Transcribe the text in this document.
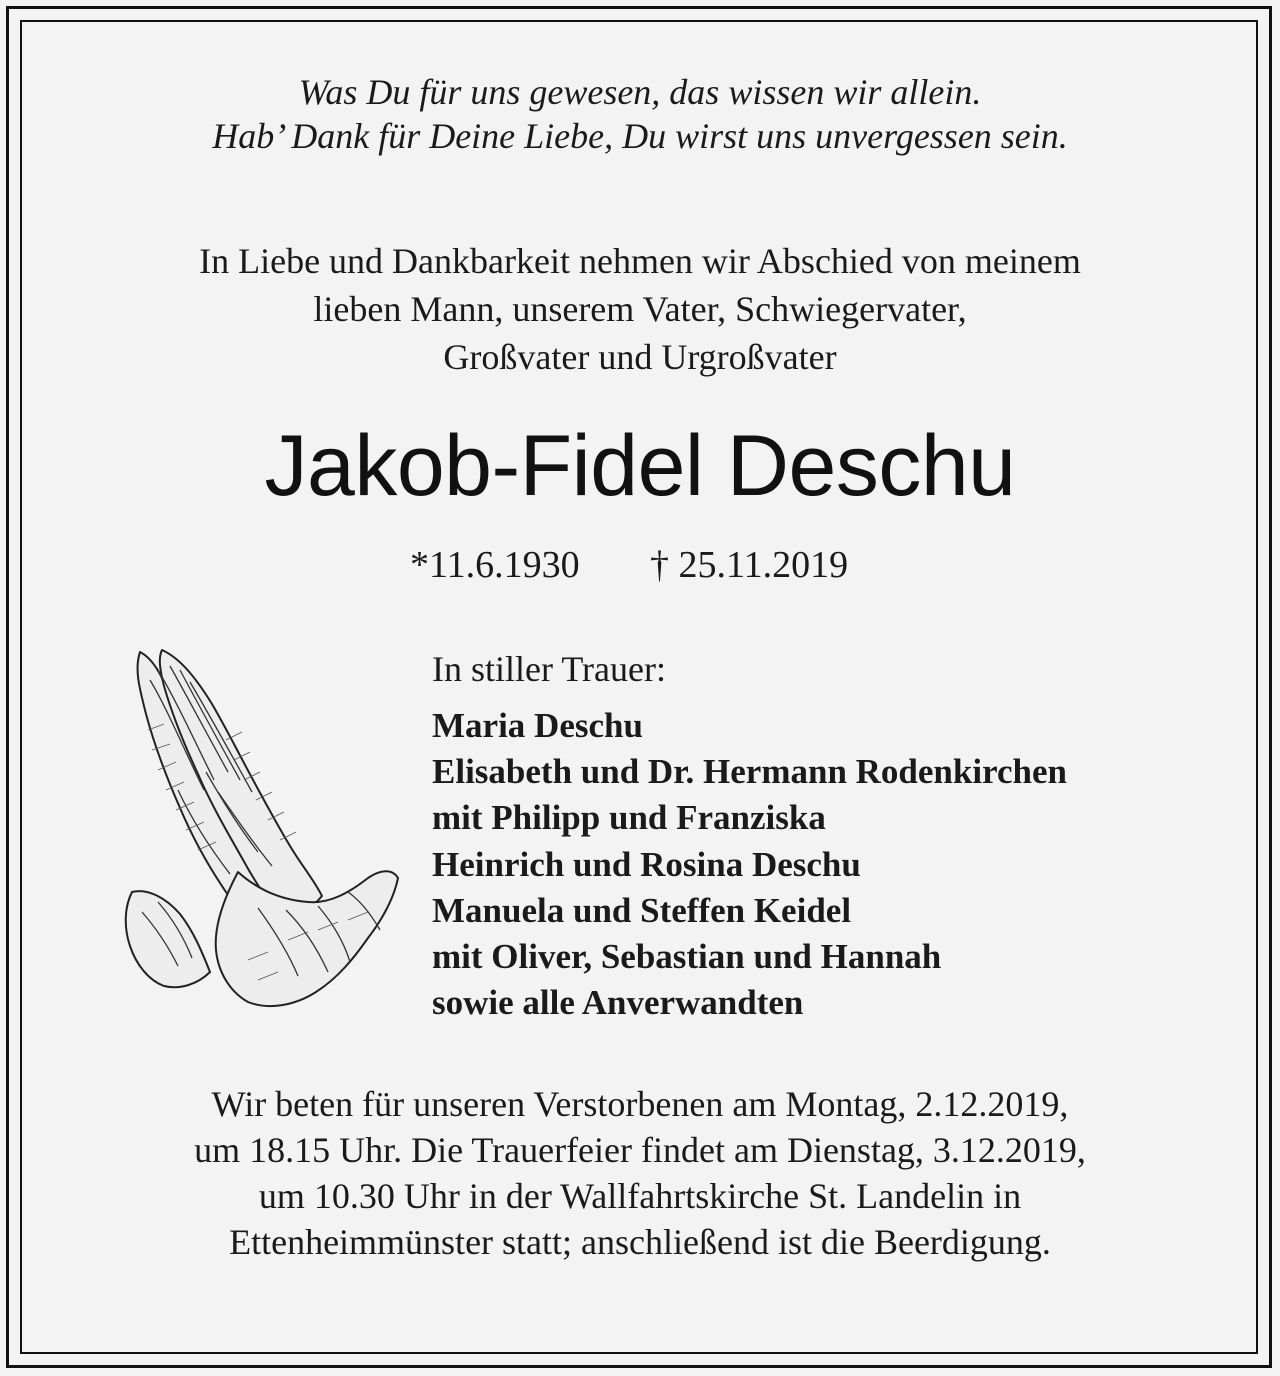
Was Du für uns gewesen, das wissen wir allein.
Hab’ Dank für Deine Liebe, Du wirst uns unvergessen sein.
In Liebe und Dankbarkeit nehmen wir Abschied von meinem
lieben Mann, unserem Vater, Schwiegervater,
Großvater und Urgroßvater
Jakob-Fidel Deschu
*11.6.1930 † 25.11.2019
In stiller Trauer:
Maria Deschu
Elisabeth und Dr. Hermann Rodenkirchen
mit Philipp und Franziska
Heinrich und Rosina Deschu
Manuela und Steffen Keidel
mit Oliver, Sebastian und Hannah
sowie alle Anverwandten
Wir beten für unseren Verstorbenen am Montag, 2.12.2019,
um 18.15 Uhr. Die Trauerfeier findet am Dienstag, 3.12.2019,
um 10.30 Uhr in der Wallfahrtskirche St. Landelin in
Ettenheimmünster statt; anschließend ist die Beerdigung.
